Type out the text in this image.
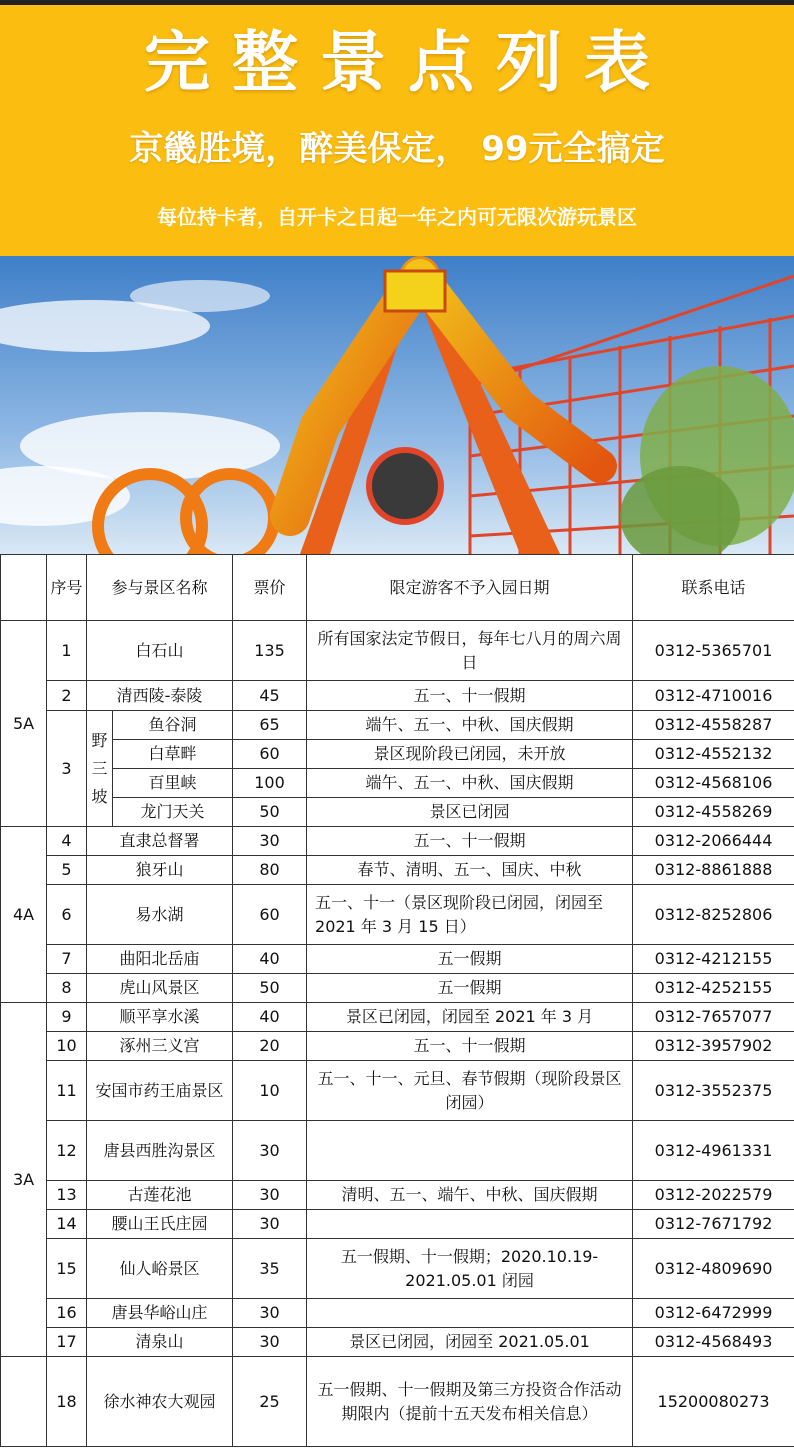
完整景点列表
京畿胜境，醉美保定， 99元全搞定
每位持卡者，自开卡之日起一年之内可无限次游玩景区
	序号	参与景区名称		票价	限定游客不予入园日期	联系电话
5A	1	白石山		135	所有国家法定节假日，每年七八月的周六周日	0312-5365701
	2	清西陵-泰陵		45	五一、十一假期	0312-4710016
	3	野三坡	鱼谷洞	65	端午、五一、中秋、国庆假期	0312-4558287
			白草畔	60	景区现阶段已闭园，未开放	0312-4552132
			百里峡	100	端午、五一、中秋、国庆假期	0312-4568106
			龙门天关	50	景区已闭园	0312-4558269
4A	4	直隶总督署		30	五一、十一假期	0312-2066444
	5	狼牙山		80	春节、清明、五一、国庆、中秋	0312-8861888
	6	易水湖		60	五一、十一（景区现阶段已闭园，闭园至 2021 年 3 月 15 日）	0312-8252806
	7	曲阳北岳庙		40	五一假期	0312-4212155
	8	虎山风景区		50	五一假期	0312-4252155
3A	9	顺平享水溪		40	景区已闭园，闭园至 2021 年 3 月	0312-7657077
	10	涿州三义宫		20	五一、十一假期	0312-3957902
	11	安国市药王庙景区		10	五一、十一、元旦、春节假期（现阶段景区闭园）	0312-3552375
	12	唐县西胜沟景区		30		0312-4961331
	13	古莲花池		30	清明、五一、端午、中秋、国庆假期	0312-2022579
	14	腰山王氏庄园		30		0312-7671792
	15	仙人峪景区		35	五一假期、十一假期；2020.10.19-2021.05.01 闭园	0312-4809690
	16	唐县华峪山庄		30		0312-6472999
	17	清泉山		30	景区已闭园，闭园至 2021.05.01	0312-4568493
	18	徐水神农大观园		25	五一假期、十一假期及第三方投资合作活动期限内（提前十五天发布相关信息）	15200080273
